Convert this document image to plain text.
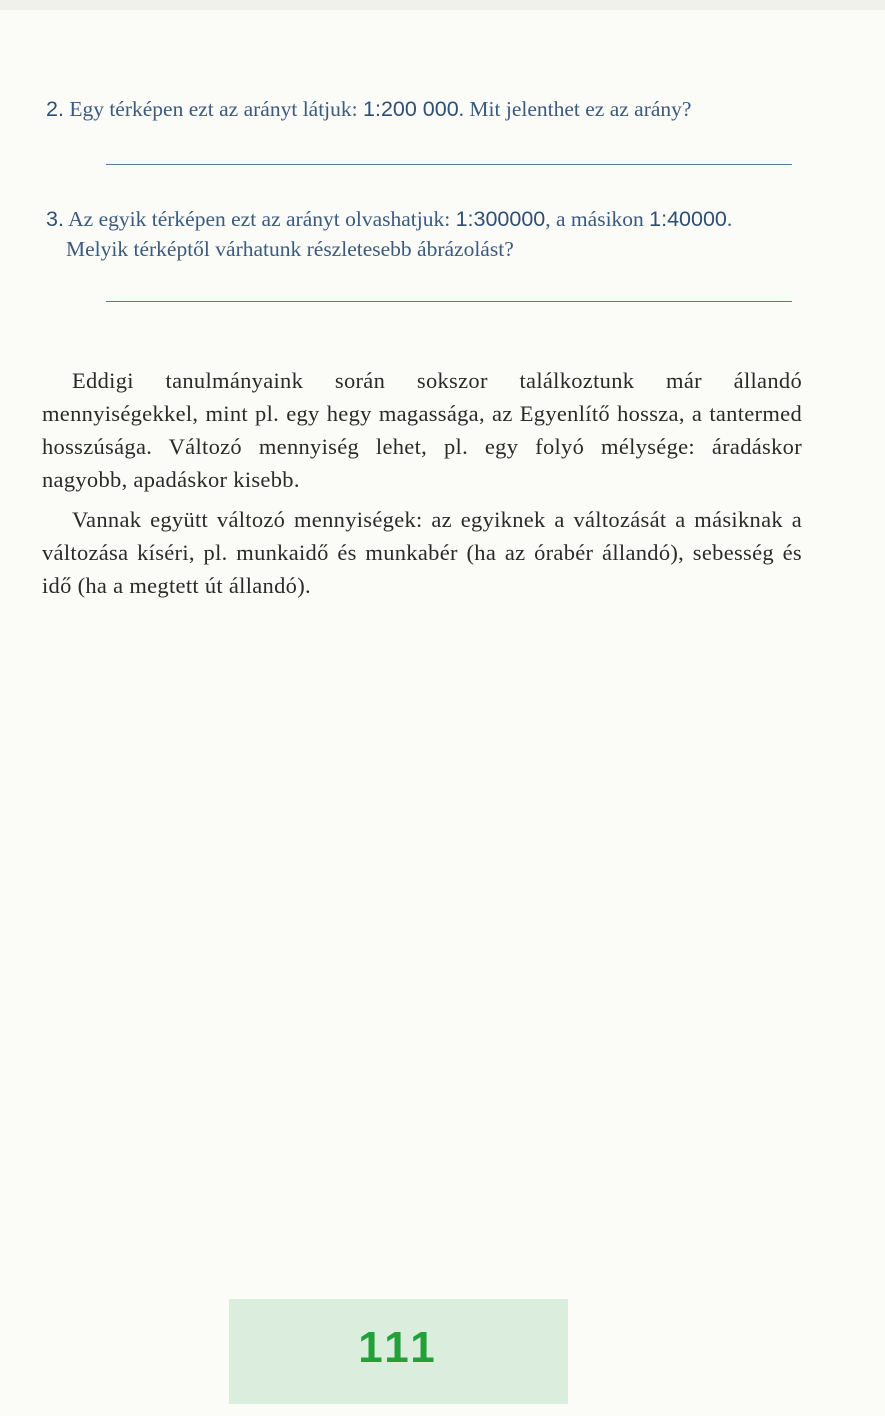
2. Egy térképen ezt az arányt látjuk: 1:200 000. Mit jelenthet ez az arány?
3. Az egyik térképen ezt az arányt olvashatjuk: 1:300000, a másikon 1:40000.
Melyik térképtől várhatunk részletesebb ábrázolást?

Eddigi tanulmányaink során sokszor találkoztunk már állandó mennyiségekkel, mint pl. egy hegy magassága, az Egyenlítő hossza, a tantermed hosszúsága. Változó mennyiség lehet, pl. egy folyó mélysége: áradáskor nagyobb, apadáskor kisebb.

Vannak együtt változó mennyiségek: az egyiknek a változását a másiknak a változása kíséri, pl. munkaidő és munkabér (ha az órabér állandó), sebesség és idő (ha a megtett út állandó).

111
